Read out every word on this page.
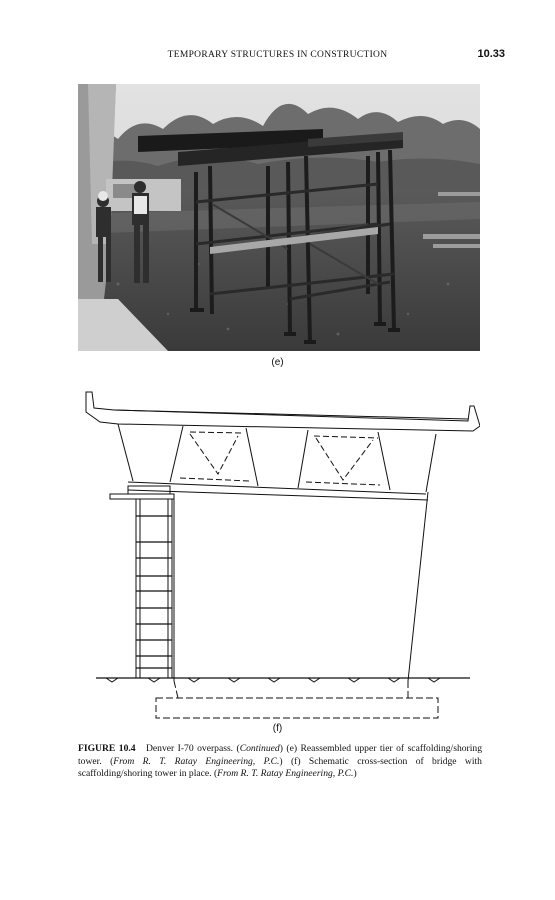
TEMPORARY STRUCTURES IN CONSTRUCTION	10.33
(e)
(f)
FIGURE 10.4 Denver I-70 overpass. (Continued) (e) Reassembled upper tier of scaffolding/shoring tower. (From R. T. Ratay Engineering, P.C.) (f) Schematic cross-section of bridge with scaffolding/shoring tower in place. (From R. T. Ratay Engineering, P.C.)
